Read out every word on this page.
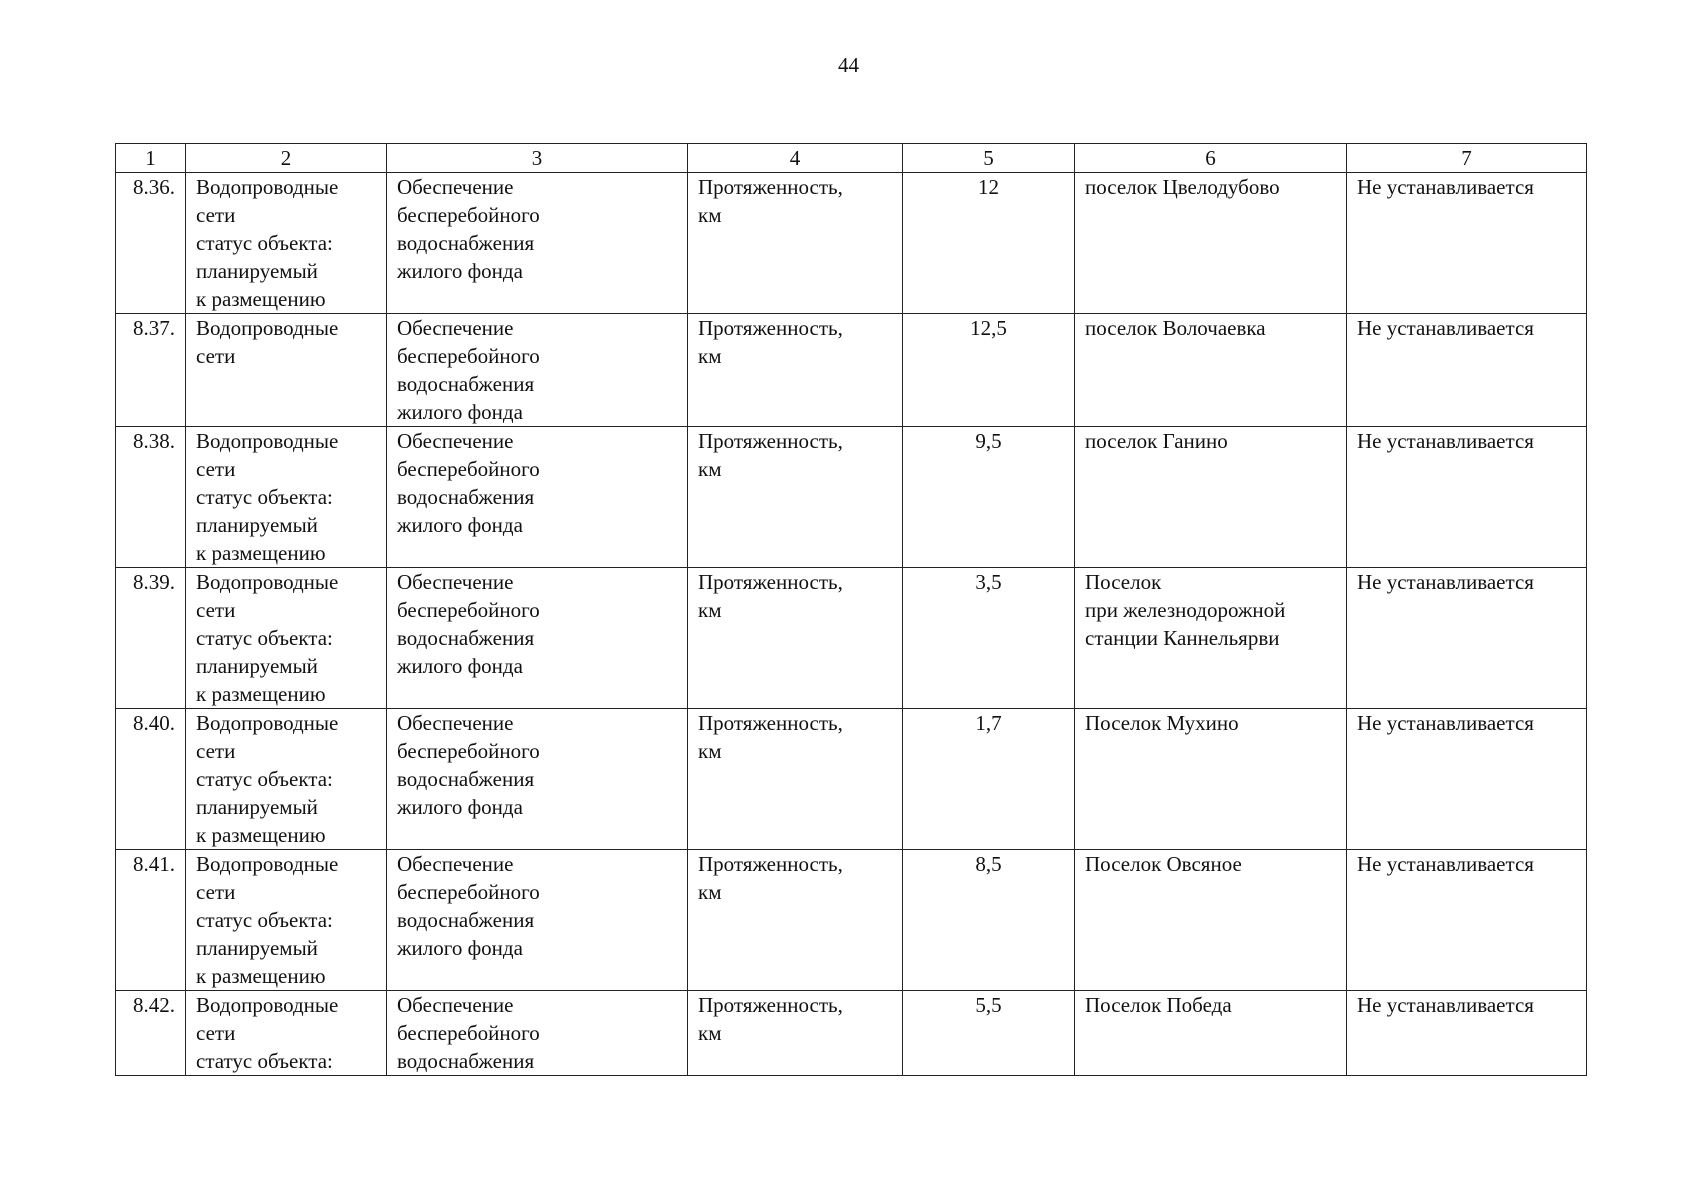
44
1	2	3	4	5	6	7
8.36.	Водопроводные
сети
статус объекта:
планируемый
к размещению	Обеспечение
бесперебойного
водоснабжения
жилого фонда	Протяженность,
км	12	поселок Цвелодубово	Не устанавливается
8.37.	Водопроводные
сети	Обеспечение
бесперебойного
водоснабжения
жилого фонда	Протяженность,
км	12,5	поселок Волочаевка	Не устанавливается
8.38.	Водопроводные
сети
статус объекта:
планируемый
к размещению	Обеспечение
бесперебойного
водоснабжения
жилого фонда	Протяженность,
км	9,5	поселок Ганино	Не устанавливается
8.39.	Водопроводные
сети
статус объекта:
планируемый
к размещению	Обеспечение
бесперебойного
водоснабжения
жилого фонда	Протяженность,
км	3,5	Поселок
при железнодорожной
станции Каннельярви	Не устанавливается
8.40.	Водопроводные
сети
статус объекта:
планируемый
к размещению	Обеспечение
бесперебойного
водоснабжения
жилого фонда	Протяженность,
км	1,7	Поселок Мухино	Не устанавливается
8.41.	Водопроводные
сети
статус объекта:
планируемый
к размещению	Обеспечение
бесперебойного
водоснабжения
жилого фонда	Протяженность,
км	8,5	Поселок Овсяное	Не устанавливается
8.42.	Водопроводные
сети
статус объекта:	Обеспечение
бесперебойного
водоснабжения	Протяженность,
км	5,5	Поселок Победа	Не устанавливается
